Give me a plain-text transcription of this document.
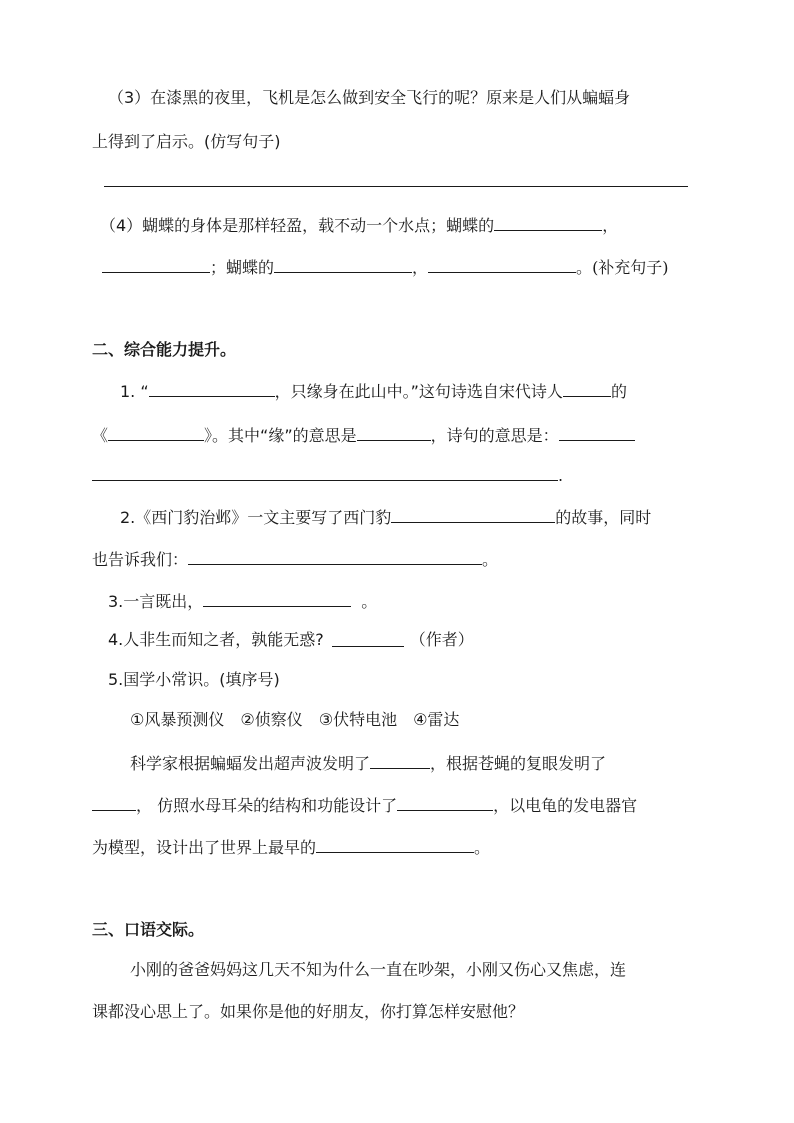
（3）在漆黑的夜里，飞机是怎么做到安全飞行的呢？原来是人们从蝙蝠身
上得到了启示。(仿写句子)
（4）蝴蝶的身体是那样轻盈，载不动一个水点；蝴蝶的	，
；蝴蝶的	，	。(补充句子)
二、综合能力提升。
1. “	，只缘身在此山中。”这句诗选自宋代诗人	的
《	》。其中“缘”的意思是	，诗句的意思是：
.
2.《西门豹治邺》一文主要写了西门豹	的故事，同时
也告诉我们：	。
3.一言既出，	。
4.人非生而知之者，孰能无惑?	（作者）
5.国学小常识。(填序号)
①风暴预测仪 ②侦察仪 ③伏特电池 ④雷达
科学家根据蝙蝠发出超声波发明了	，根据苍蝇的复眼发明了
， 仿照水母耳朵的结构和功能设计了	，以电龟的发电器官
为模型，设计出了世界上最早的	。
三、口语交际。
小刚的爸爸妈妈这几天不知为什么一直在吵架，小刚又伤心又焦虑，连
课都没心思上了。如果你是他的好朋友，你打算怎样安慰他？
